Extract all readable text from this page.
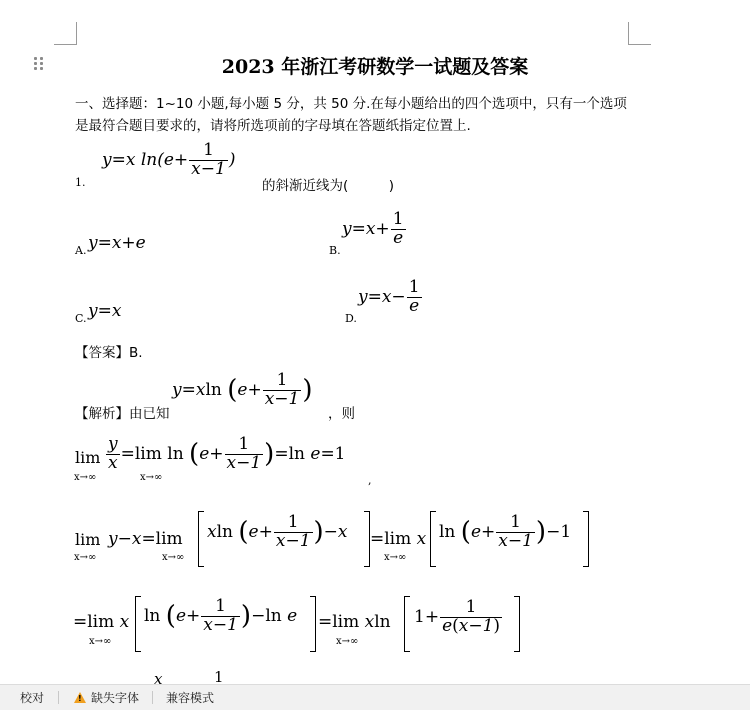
2023 年浙江考研数学一试题及答案
一、选择题：1~10 小题,每小题 5 分，共 50 分.在每小题给出的四个选项中，只有一个选项
是最符合题目要求的，请将所选项前的字母填在答题纸指定位置上.
1.
y=x $\ln(e+ \frac{1}{x-1}$ )
的斜渐近线为(　　　)
A. y=x+e	B.
$y=x+ \frac{1}{e}$
C. y=x	D.
$y=x- \frac{1}{e}$
【答案】B.
【解析】由已知
y=xln ($e+ \frac{1}{x-1}$ )
，则
lim
x→∞
$\frac{y}{x} =\lim$ $\ln (e+ \frac{1}{x-1} )=\ln$ e=1
x→∞	,
lim
x→∞
y−x=lim
x→∞
xln $(e+ \frac{1}{x-1} )-x =\lim$ x
x→∞
$\ln (e+ \frac{1}{x-1} )-1$
=lim x
x→∞
$\ln (e+ \frac{1}{x-1} )-\ln$ e =lim xln
x→∞
$1+ \frac{1}{e(x-1)}$
x	1
校对
!	缺失字体 兼容模式
